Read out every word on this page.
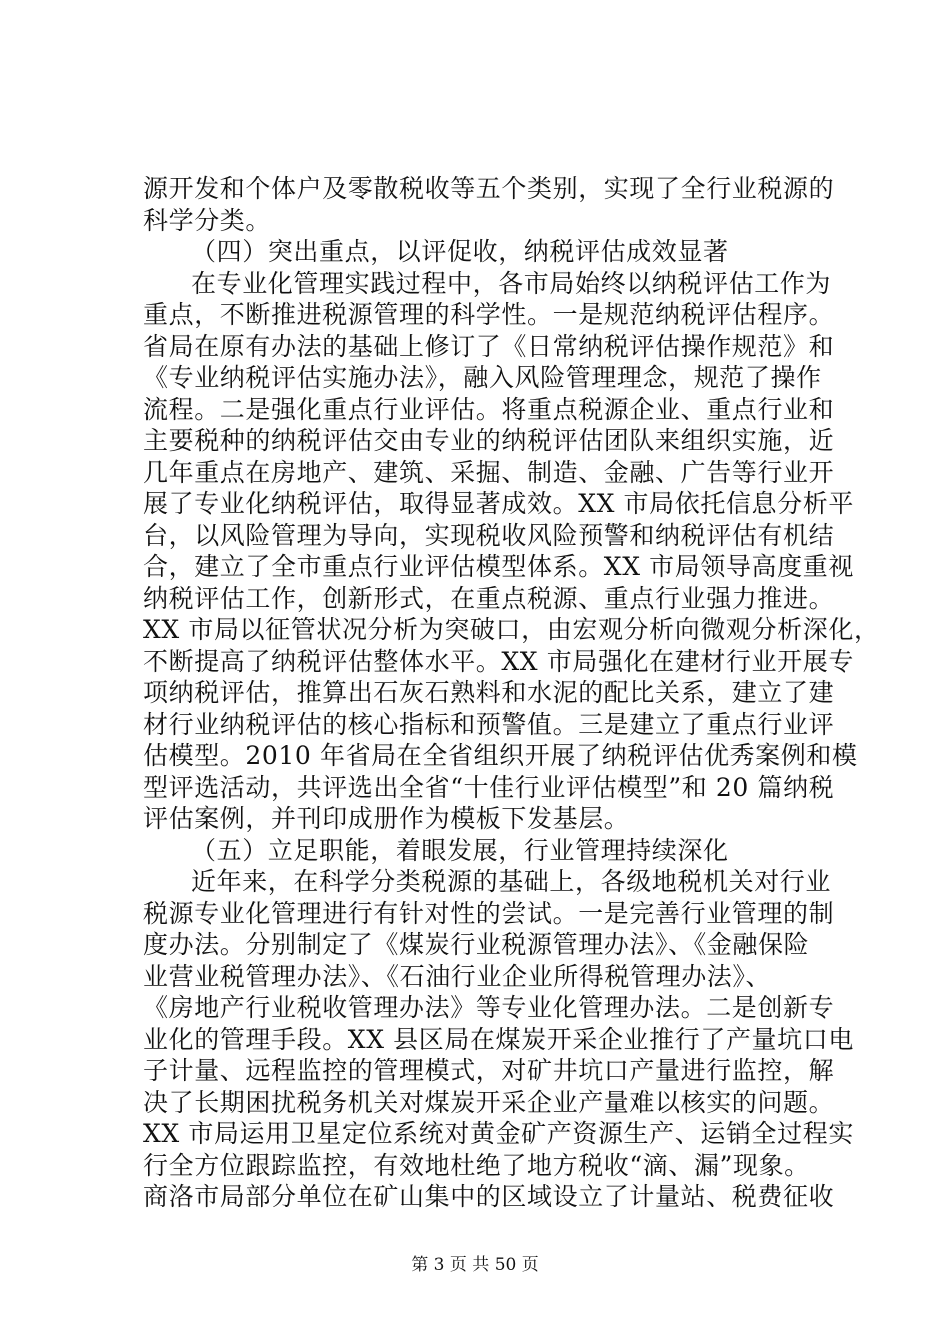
源开发和个体户及零散税收等五个类别，实现了全行业税源的
科学分类。
（四）突出重点，以评促收，纳税评估成效显著
在专业化管理实践过程中，各市局始终以纳税评估工作为
重点，不断推进税源管理的科学性。一是规范纳税评估程序。
省局在原有办法的基础上修订了《日常纳税评估操作规范》和
《专业纳税评估实施办法》，融入风险管理理念，规范了操作
流程。二是强化重点行业评估。将重点税源企业、重点行业和
主要税种的纳税评估交由专业的纳税评估团队来组织实施，近
几年重点在房地产、建筑、采掘、制造、金融、广告等行业开
展了专业化纳税评估，取得显著成效。XX 市局依托信息分析平
台，以风险管理为导向，实现税收风险预警和纳税评估有机结
合，建立了全市重点行业评估模型体系。XX 市局领导高度重视
纳税评估工作，创新形式，在重点税源、重点行业强力推进。
XX 市局以征管状况分析为突破口，由宏观分析向微观分析深化，
不断提高了纳税评估整体水平。XX 市局强化在建材行业开展专
项纳税评估，推算出石灰石熟料和水泥的配比关系，建立了建
材行业纳税评估的核心指标和预警值。三是建立了重点行业评
估模型。2010 年省局在全省组织开展了纳税评估优秀案例和模
型评选活动，共评选出全省“十佳行业评估模型”和 20 篇纳税
评估案例，并刊印成册作为模板下发基层。
（五）立足职能，着眼发展，行业管理持续深化
近年来，在科学分类税源的基础上，各级地税机关对行业
税源专业化管理进行有针对性的尝试。一是完善行业管理的制
度办法。分别制定了《煤炭行业税源管理办法》、《金融保险
业营业税管理办法》、《石油行业企业所得税管理办法》、
《房地产行业税收管理办法》等专业化管理办法。二是创新专
业化的管理手段。XX 县区局在煤炭开采企业推行了产量坑口电
子计量、远程监控的管理模式，对矿井坑口产量进行监控，解
决了长期困扰税务机关对煤炭开采企业产量难以核实的问题。
XX 市局运用卫星定位系统对黄金矿产资源生产、运销全过程实
行全方位跟踪监控，有效地杜绝了地方税收“滴、漏”现象。
商洛市局部分单位在矿山集中的区域设立了计量站、税费征收
第 3 页 共 50 页
